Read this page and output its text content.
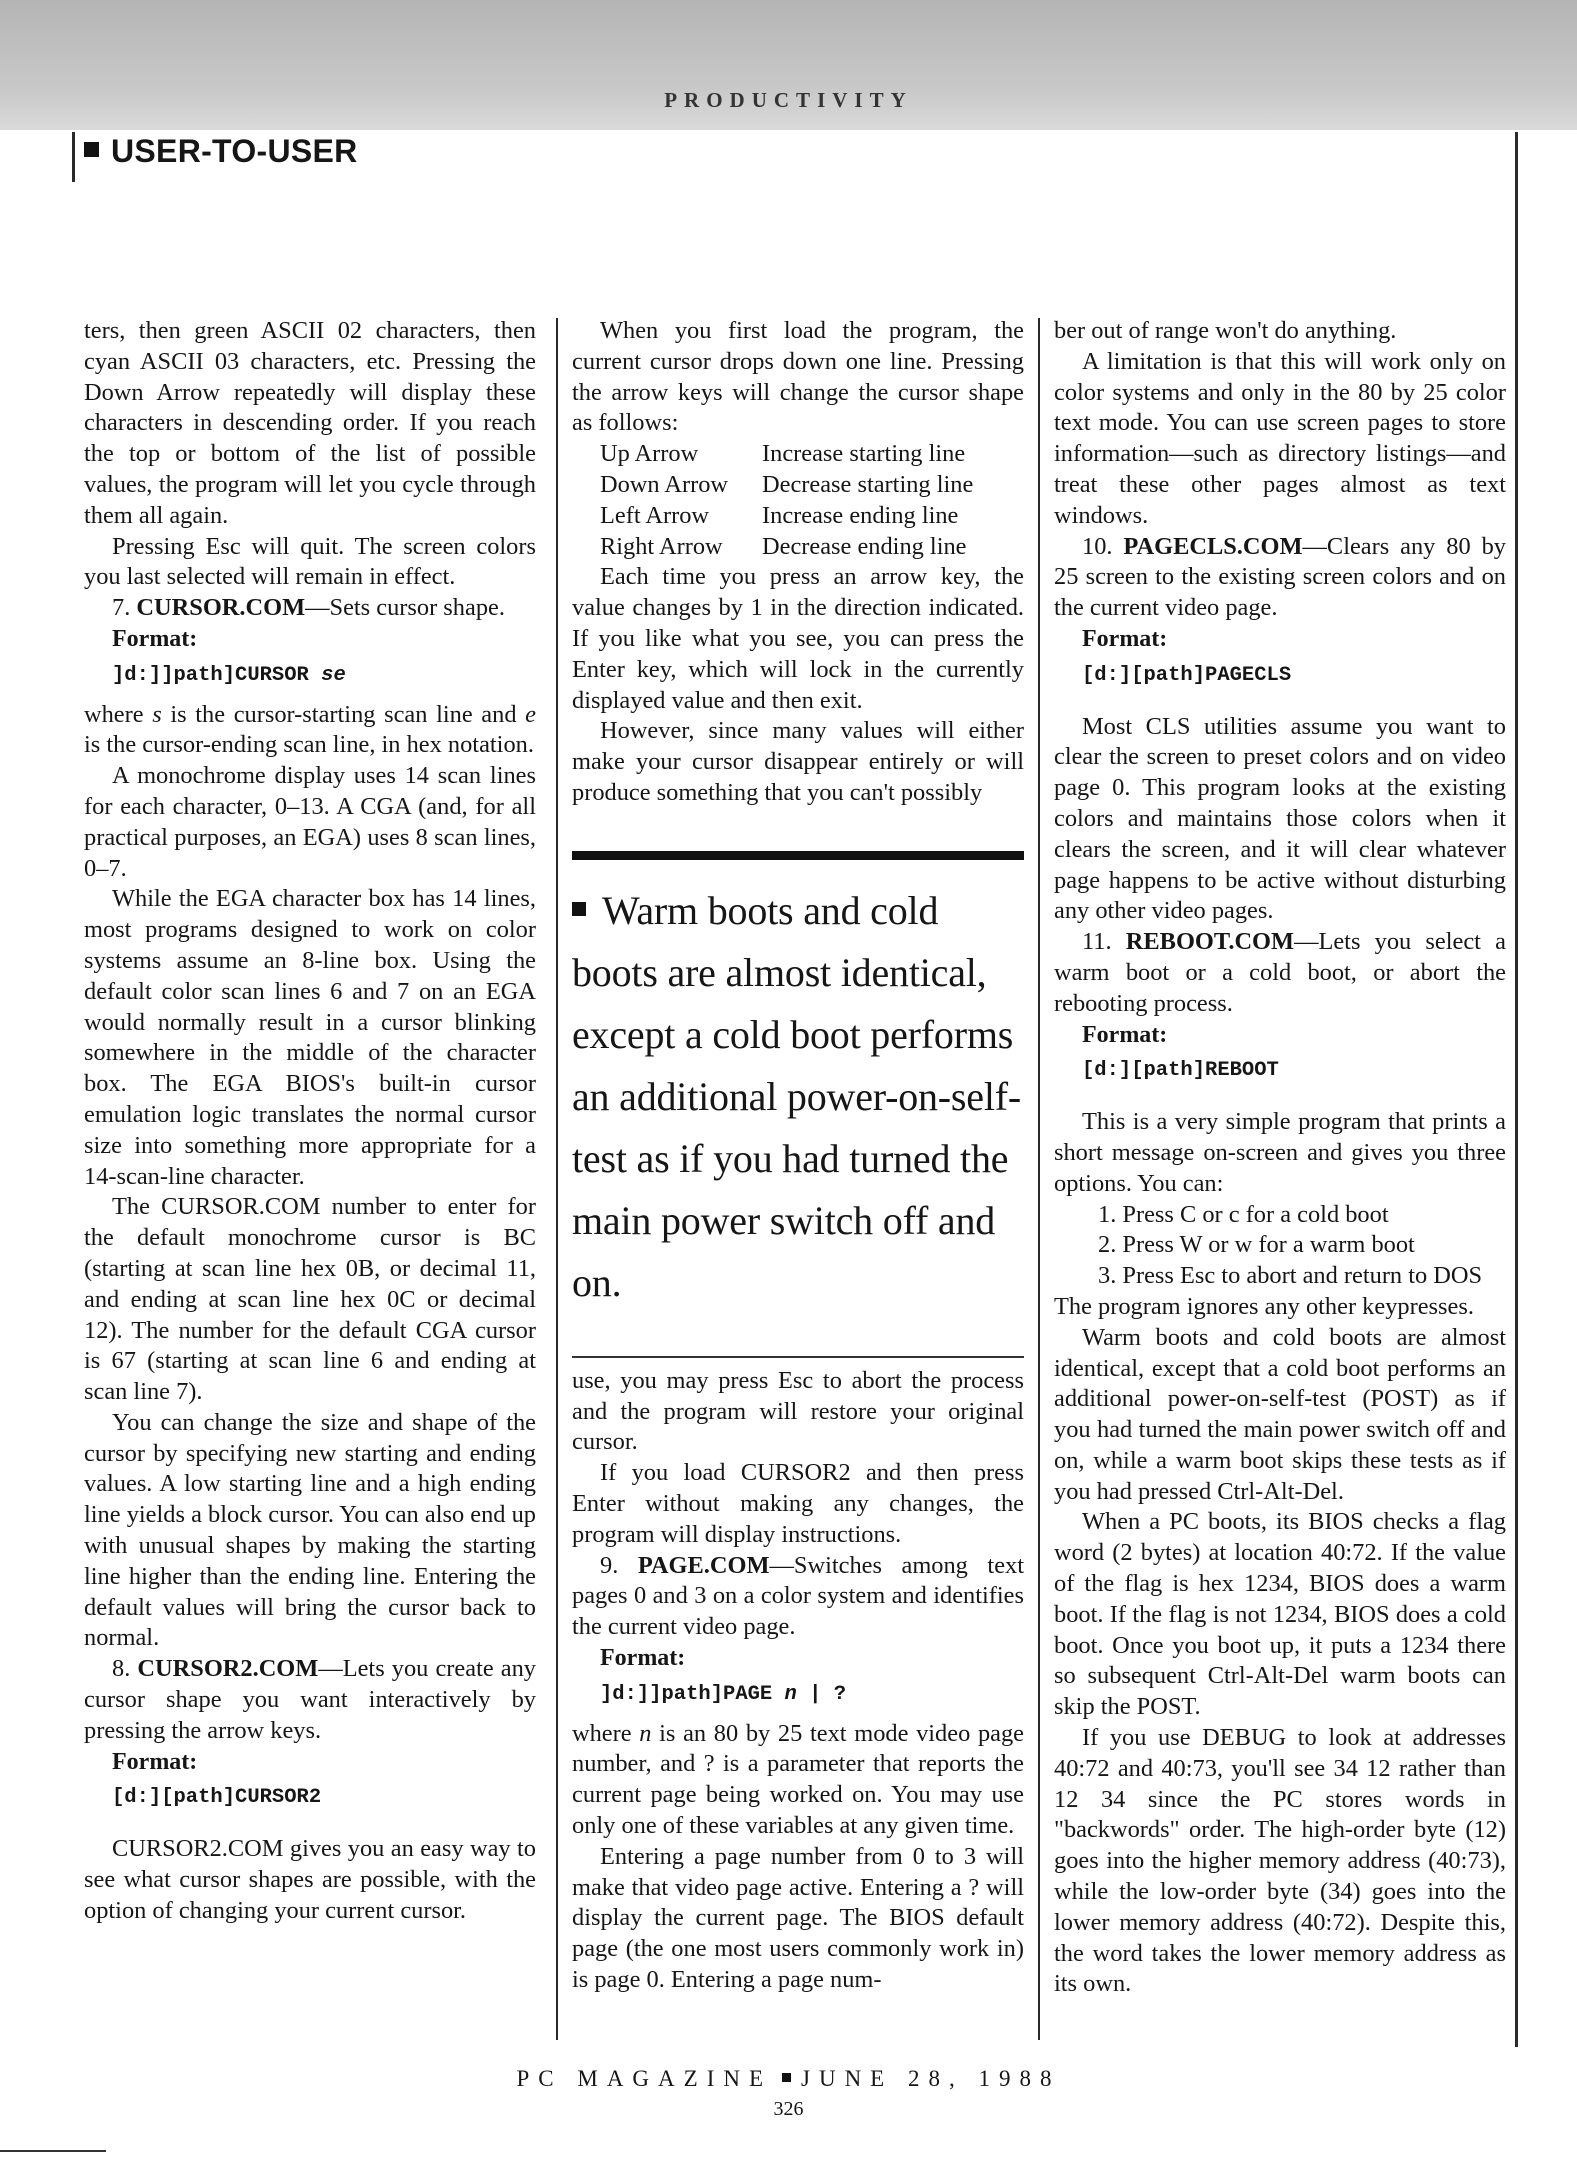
PRODUCTIVITY
USER-TO-USER

ters, then green ASCII 02 characters, then cyan ASCII 03 characters, etc. Pressing the Down Arrow repeatedly will display these characters in descending order. If you reach the top or bottom of the list of possible values, the program will let you cycle through them all again.

Pressing Esc will quit. The screen colors you last selected will remain in effect.

7. CURSOR.COM—Sets cursor shape.

Format:
]d:]]path]CURSOR se

where s is the cursor-starting scan line and e is the cursor-ending scan line, in hex notation.

A monochrome display uses 14 scan lines for each character, 0–13. A CGA (and, for all practical purposes, an EGA) uses 8 scan lines, 0–7.

While the EGA character box has 14 lines, most programs designed to work on color systems assume an 8-line box. Using the default color scan lines 6 and 7 on an EGA would normally result in a cursor blinking somewhere in the middle of the character box. The EGA BIOS's built-in cursor emulation logic translates the normal cursor size into something more appropriate for a 14-scan-line character.

The CURSOR.COM number to enter for the default monochrome cursor is BC (starting at scan line hex 0B, or decimal 11, and ending at scan line hex 0C or decimal 12). The number for the default CGA cursor is 67 (starting at scan line 6 and ending at scan line 7).

You can change the size and shape of the cursor by specifying new starting and ending values. A low starting line and a high ending line yields a block cursor. You can also end up with unusual shapes by making the starting line higher than the ending line. Entering the default values will bring the cursor back to normal.

8. CURSOR2.COM—Lets you create any cursor shape you want interactively by pressing the arrow keys.

Format:
[d:][path]CURSOR2

CURSOR2.COM gives you an easy way to see what cursor shapes are possible, with the option of changing your current cursor.

When you first load the program, the current cursor drops down one line. Pressing the arrow keys will change the cursor shape as follows:

Up Arrow	Increase starting line
Down Arrow	Decrease starting line
Left Arrow	Increase ending line
Right Arrow	Decrease ending line

Each time you press an arrow key, the value changes by 1 in the direction indicated. If you like what you see, you can press the Enter key, which will lock in the currently displayed value and then exit.

However, since many values will either make your cursor disappear entirely or will produce something that you can't possibly

Warm boots and cold boots are almost identical, except a cold boot performs an additional power-on-self-test as if you had turned the main power switch off and on.

use, you may press Esc to abort the process and the program will restore your original cursor.

If you load CURSOR2 and then press Enter without making any changes, the program will display instructions.

9. PAGE.COM—Switches among text pages 0 and 3 on a color system and identifies the current video page.

Format:
]d:]]path]PAGE n | ?

where n is an 80 by 25 text mode video page number, and ? is a parameter that reports the current page being worked on. You may use only one of these variables at any given time.

Entering a page number from 0 to 3 will make that video page active. Entering a ? will display the current page. The BIOS default page (the one most users commonly work in) is page 0. Entering a page num-

ber out of range won't do anything.

A limitation is that this will work only on color systems and only in the 80 by 25 color text mode. You can use screen pages to store information—such as directory listings—and treat these other pages almost as text windows.

10. PAGECLS.COM—Clears any 80 by 25 screen to the existing screen colors and on the current video page.

Format:
[d:][path]PAGECLS

Most CLS utilities assume you want to clear the screen to preset colors and on video page 0. This program looks at the existing colors and maintains those colors when it clears the screen, and it will clear whatever page happens to be active without disturbing any other video pages.

11. REBOOT.COM—Lets you select a warm boot or a cold boot, or abort the rebooting process.

Format:
[d:][path]REBOOT

This is a very simple program that prints a short message on-screen and gives you three options. You can:

1. Press C or c for a cold boot
2. Press W or w for a warm boot
3. Press Esc to abort and return to DOS

The program ignores any other keypresses.

Warm boots and cold boots are almost identical, except that a cold boot performs an additional power-on-self-test (POST) as if you had turned the main power switch off and on, while a warm boot skips these tests as if you had pressed Ctrl-Alt-Del.

When a PC boots, its BIOS checks a flag word (2 bytes) at location 40:72. If the value of the flag is hex 1234, BIOS does a warm boot. If the flag is not 1234, BIOS does a cold boot. Once you boot up, it puts a 1234 there so subsequent Ctrl-Alt-Del warm boots can skip the POST.

If you use DEBUG to look at addresses 40:72 and 40:73, you'll see 34 12 rather than 12 34 since the PC stores words in "backwords" order. The high-order byte (12) goes into the higher memory address (40:73), while the low-order byte (34) goes into the lower memory address (40:72). Despite this, the word takes the lower memory address as its own.

PC MAGAZINE JUNE 28, 1988
326
